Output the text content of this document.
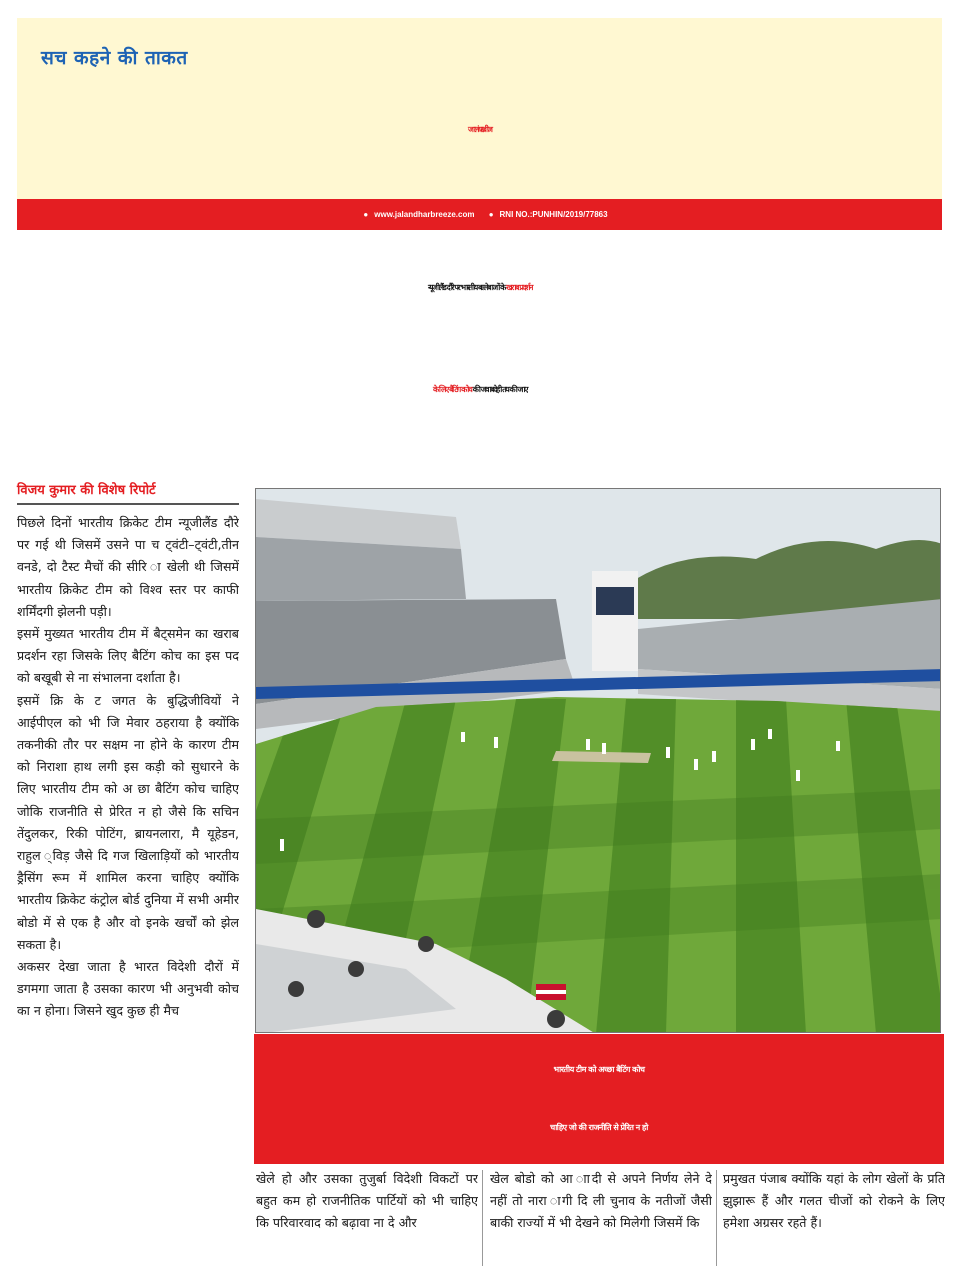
सच कहने की ताकत
जालंधर ब्रीज
● www.jalandharbreeze.com ● RNI NO.:PUNHIN/2019/77863
न्यूजीलैंड दौरे पर भारतीय बल्लेबाजों के खराब प्रदर्शन
के लिए बैटिंग कोच की जवाबदेही तय की जाए
विजय कुमार की विशेष रिपोर्ट

पिछले दिनों भारतीय क्रिकेट टीम न्यूजीलैंड दौरे पर गई थी जिसमें उसने पा च ट्वंटी–ट्वंटी,तीन वनडे, दो टैस्ट मैचों की सीरि ा खेली थी जिसमें भारतीय क्रिकेट टीम को विश्व स्तर पर काफी शर्मिंदगी झेलनी पड़ी।

इसमें मुख्यत भारतीय टीम में बैट्समेन का खराब प्रदर्शन रहा जिसके लिए बैटिंग कोच का इस पद को बखूबी से ना संभालना दर्शाता है।

इसमें क्रि के ट जगत के बुद्धिजीवियों ने आईपीएल को भी जि मेवार ठहराया है क्योंकि तकनीकी तौर पर सक्षम ना होने के कारण टीम को निराशा हाथ लगी इस कड़ी को सुधारने के लिए भारतीय टीम को अ छा बैटिंग कोच चाहिए जोकि राजनीति से प्रेरित न हो जैसे कि सचिन तेंदुलकर, रिकी पोटिंग, ब्रायनलारा, मै यूहेडन, राहुल ्विड़ जैसे दि गज खिलाड़ियों को भारतीय ड्रैसिंग रूम में शामिल करना चाहिए क्योंकि भारतीय क्रिकेट कंट्रोल बोर्ड दुनिया में सभी अमीर बोडो में से एक है और वो इनके खर्चों को झेल सकता है।

अकसर देखा जाता है भारत विदेशी दौरों में डगमगा जाता है उसका कारण भी अनुभवी कोच का न होना। जिसने खुद कुछ ही मैच

भारतीय टीम को अच्छा बैटिंग कोच
चाहिए जो की राजनीति से प्रेरित न हो

खेले हो और उसका तुजुर्बा विदेशी विकटों पर बहुत कम हो राजनीतिक पार्टियों को भी चाहिए कि परिवारवाद को बढ़ावा ना दे और

खेल बोडो को आ ाादी से अपने निर्णय लेने दे नहीं तो नारा ागी दि ली चुनाव के नतीजों जैसी बाकी राज्यों में भी देखने को मिलेगी जिसमें कि

प्रमुखत पंजाब क्योंकि यहां के लोग खेलों के प्रति झुझारू हैं और गलत चीजों को रोकने के लिए हमेशा अग्रसर रहते हैं।
